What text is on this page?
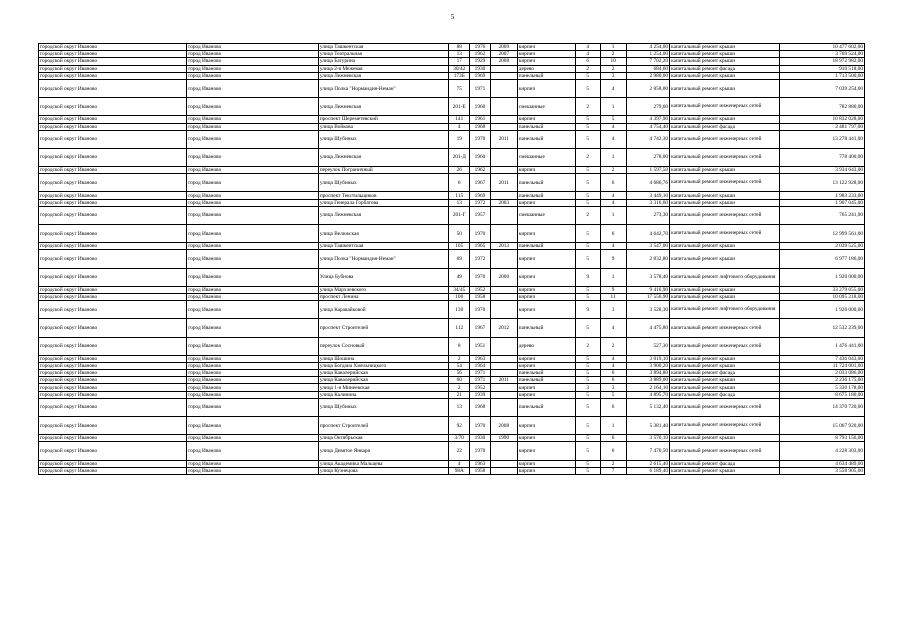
5
городской округ Иваново	город Иваново	улица Ташкентская	88	1976	2009	кирпич	4	1	4 254,00	капитальный ремонт крыши	10 477 602,00
городской округ Иваново	город Иваново	улица Театральная	13	1962	2007	кирпич	4	2	1 254,00	капитальный ремонт крыши	3 769 524,00
городской округ Иваново	город Иваново	улица Батурина	17	1929	2008	кирпич	6	10	7 702,20	капитальный ремонт крыши	18 972 982,00
городской округ Иваново	город Иваново	улица 2-я Межевая	30/42	1930		дерево	2	2	684,60	капитальный ремонт фасада	910 518,00
городской округ Иваново	город Иваново	улица Лежневская	173Б	1969		панельный	5	3	2 980,00	капитальный ремонт крыши	1 713 500,00
городской округ Иваново	город Иваново	улица Полка "Нормандия-Неман"	75	1971		кирпич	5	4	2 858,00	капитальный ремонт крыши	7 039 254,00
городской округ Иваново	город Иваново	улица Лежневская	201-Е	1960		смешанные	2	1	279,60	капитальный ремонт инженерных сетей	782 880,00
городской округ Иваново	город Иваново	проспект Шереметевский	141	1961		кирпич	5	5	4 397,90	капитальный ремонт крыши	10 832 028,00
городской округ Иваново	город Иваново	улица Войкова	4	1968		панельный	5	4	4 754,40	капитальный ремонт фасада	2 481 797,00
городской округ Иваново	город Иваново	улица Шубиных	19	1970	2011	панельный	5	4	4 742,30	капитальный ремонт инженерных сетей	13 278 441,00
городской округ Иваново	город Иваново	улица Лежневская	201-Д	1960		смешанные	2	1	278,00	капитальный ремонт инженерных сетей	778 400,00
городской округ Иваново	город Иваново	переулок Пограничный	26	1962		кирпич	5	2	1 597,50	капитальный ремонт крыши	3 934 643,00
городской округ Иваново	город Иваново	улица Шубиных	6	1967	2011	панельный	5	6	4 686,76	капитальный ремонт инженерных сетей	13 122 928,00
городской округ Иваново	город Иваново	проспект Текстильщиков	115	1969		панельный	5	4	3 449,10	капитальный ремонт крыши	1 983 233,00
городской округ Иваново	город Иваново	улица Генерала Горбатова	13	1972	2003	кирпич	5	4	3 316,60	капитальный ремонт крыши	1 907 045,00
городской округ Иваново	город Иваново	улица Лежневская	201-Г	1957		смешанные	2	1	273,30	капитальный ремонт инженерных сетей	765 241,00
городской округ Иваново	город Иваново	улица Велижская	50	1970		кирпич	5	6	4 642,70	капитальный ремонт инженерных сетей	12 999 561,00
городской округ Иваново	город Иваново	улица Ташкентская	105	1965	2013	панельный	5	4	3 547,00	капитальный ремонт крыши	2 039 525,00
городской округ Иваново	город Иваново	улица Полка "Нормандия-Неман"	69	1972		кирпич	5	9	2 832,80	капитальный ремонт крыши	6 977 186,00
городской округ Иваново	город Иваново	Улица Бубнова	49	1970	2000	кирпич	9	1	3 578,40	капитальный ремонт лифтового оборудования	1 920 000,00
городской округ Иваново	город Иваново	улица Мархлевского	34/45	1952		кирпич	5	9	9 416,90	капитальный ремонт крыши	33 279 055,00
городской округ Иваново	город Иваново	проспект Ленина	100	1958		кирпич	5	11	17 556,90	капитальный ремонт крыши	10 095 218,00
городской округ Иваново	город Иваново	улица Каравайковой	130	1970		кирпич	9	1	3 528,30	капитальный ремонт лифтового оборудования	1 920 000,00
городской округ Иваново	город Иваново	проспект Строителей	112	1967	2012	панельный	5	4	4 475,80	капитальный ремонт инженерных сетей	12 532 239,00
городской округ Иваново	город Иваново	переулок Сосновый	8	1951		дерево	2	2	527,30	капитальный ремонт инженерных сетей	1 476 441,00
городской округ Иваново	город Иваново	улица Шошина	2	1963		кирпич	5	4	3 019,10	капитальный ремонт крыши	7 436 043,00
городской округ Иваново	город Иваново	улица Богдана Хмельницкого	54	1964		кирпич	5	4	3 900,20	капитальный ремонт крыши	11 724 001,00
городской округ Иваново	город Иваново	улица Кавалерийская	56	1971		панельный	5	6	3 894,80	капитальный ремонт фасада	2 033 086,00
городской округ Иваново	город Иваново	улица Кавалерийская	60	1971	2011	панельный	5	6	3 889,00	капитальный ремонт крыши	2 236 175,00
городской округ Иваново	город Иваново	улица 1-я Минеевская	2	1952		кирпич	3	3	2 164,10	капитальный ремонт крыши	5 330 178,00
городской округ Иваново	город Иваново	улица Калинина	21	1939		кирпич	5	5	4 895,70	капитальный ремонт фасада	8 675 180,00
городской округ Иваново	город Иваново	улица Шубиных	13	1968		панельный	5	6	5 132,40	капитальный ремонт инженерных сетей	14 370 720,00
городской округ Иваново	город Иваново	проспект Строителей	92	1970	2008	кирпич	5	1	5 381,40	капитальный ремонт инженерных сетей	15 067 920,00
городской округ Иваново	город Иваново	улица Октябрьская	3/70	1930	1990	кирпич	5	6	3 570,10	капитальный ремонт крыши	8 793 156,00
городской округ Иваново	город Иваново	улица Девятое Января	22	1970		кирпич	5	6	7 470,50	капитальный ремонт инженерных сетей	4 228 303,00
городской округ Иваново	город Иваново	улица Академика Мальцева	4	1963		кирпич	5	2	2 615,40	капитальный ремонт фасада	4 634 489,00
городской округ Иваново	город Иваново	улица Кузнецова	98А	1958		кирпич	5	7	6 189,40	капитальный ремонт крыши	3 558 905,00
